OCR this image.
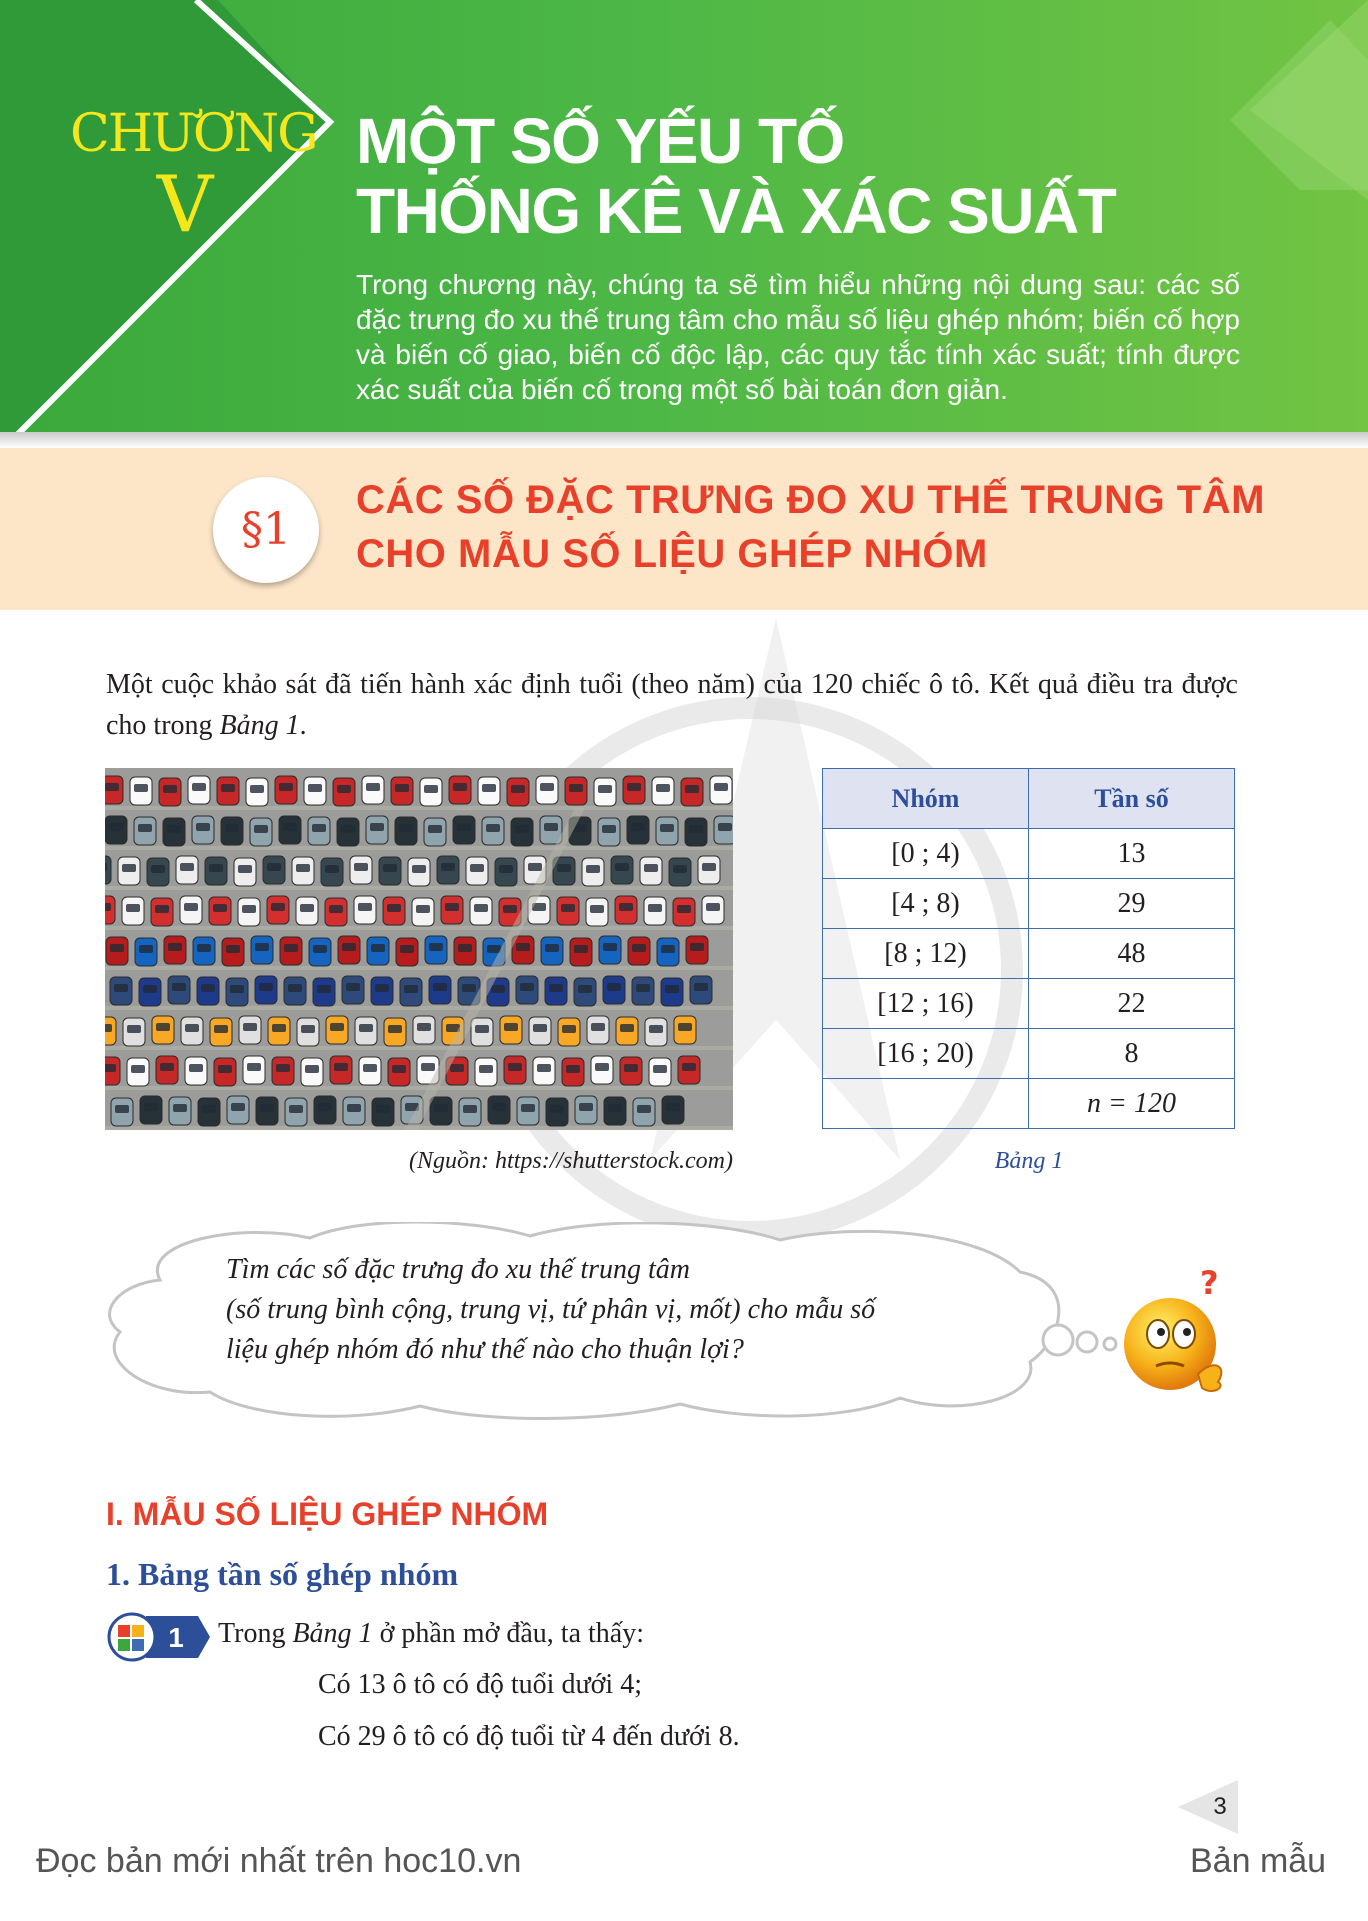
CHƯƠNG
V
MỘT SỐ YẾU TỐ
THỐNG KÊ VÀ XÁC SUẤT
Trong chương này, chúng ta sẽ tìm hiểu những nội dung sau: các số đặc trưng đo xu thế trung tâm cho mẫu số liệu ghép nhóm; biến cố hợp và biến cố giao, biến cố độc lập, các quy tắc tính xác suất; tính được xác suất của biến cố trong một số bài toán đơn giản.
§1
CÁC SỐ ĐẶC TRƯNG ĐO XU THẾ TRUNG TÂM
CHO MẪU SỐ LIỆU GHÉP NHÓM
Một cuộc khảo sát đã tiến hành xác định tuổi (theo năm) của 120 chiếc ô tô. Kết quả điều tra được cho trong Bảng 1.
(Nguồn: https://shutterstock.com)
Nhóm	Tần số
[0 ; 4)	13
[4 ; 8)	29
[8 ; 12)	48
[12 ; 16)	22
[16 ; 20)	8
	n = 120
Bảng 1
Tìm các số đặc trưng đo xu thế trung tâm
(số trung bình cộng, trung vị, tứ phân vị, mốt) cho mẫu số
liệu ghép nhóm đó như thế nào cho thuận lợi?
?
I. MẪU SỐ LIỆU GHÉP NHÓM
1. Bảng tần số ghép nhóm
1 Trong Bảng 1 ở phần mở đầu, ta thấy:
Có 13 ô tô có độ tuổi dưới 4;
Có 29 ô tô có độ tuổi từ 4 đến dưới 8.
3
Đọc bản mới nhất trên hoc10.vn	Bản mẫu
